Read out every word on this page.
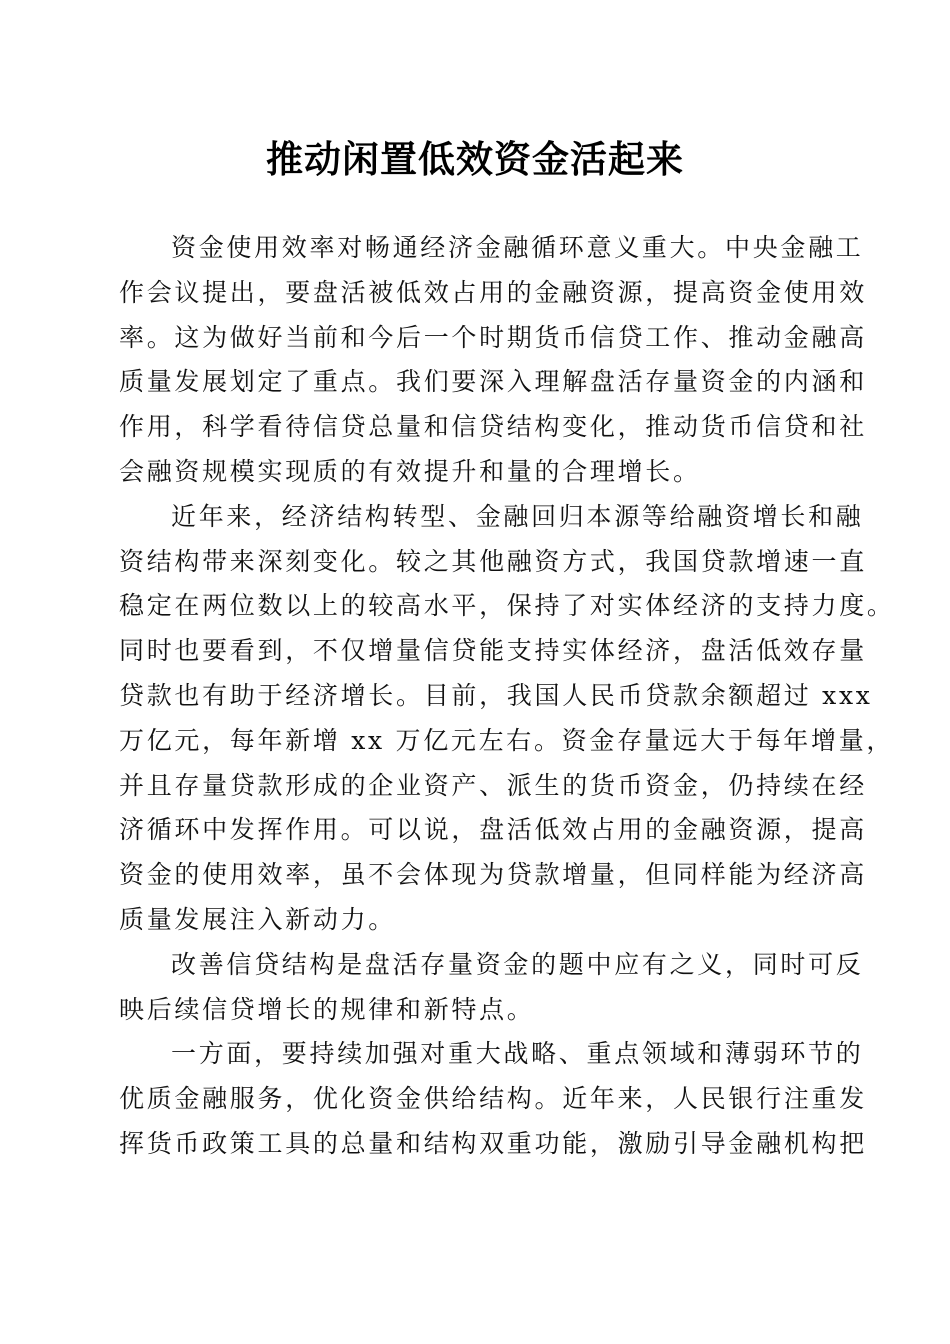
推动闲置低效资金活起来

资金使用效率对畅通经济金融循环意义重大。中央金融工
作会议提出，要盘活被低效占用的金融资源，提高资金使用效
率。这为做好当前和今后一个时期货币信贷工作、推动金融高
质量发展划定了重点。我们要深入理解盘活存量资金的内涵和
作用，科学看待信贷总量和信贷结构变化，推动货币信贷和社
会融资规模实现质的有效提升和量的合理增长。

近年来，经济结构转型、金融回归本源等给融资增长和融
资结构带来深刻变化。较之其他融资方式，我国贷款增速一直
稳定在两位数以上的较高水平，保持了对实体经济的支持力度。
同时也要看到，不仅增量信贷能支持实体经济，盘活低效存量
贷款也有助于经济增长。目前，我国人民币贷款余额超过 xxx
万亿元，每年新增 xx 万亿元左右。资金存量远大于每年增量，
并且存量贷款形成的企业资产、派生的货币资金，仍持续在经
济循环中发挥作用。可以说，盘活低效占用的金融资源，提高
资金的使用效率，虽不会体现为贷款增量，但同样能为经济高
质量发展注入新动力。

改善信贷结构是盘活存量资金的题中应有之义，同时可反
映后续信贷增长的规律和新特点。

一方面，要持续加强对重大战略、重点领域和薄弱环节的
优质金融服务，优化资金供给结构。近年来，人民银行注重发
挥货币政策工具的总量和结构双重功能，激励引导金融机构把
